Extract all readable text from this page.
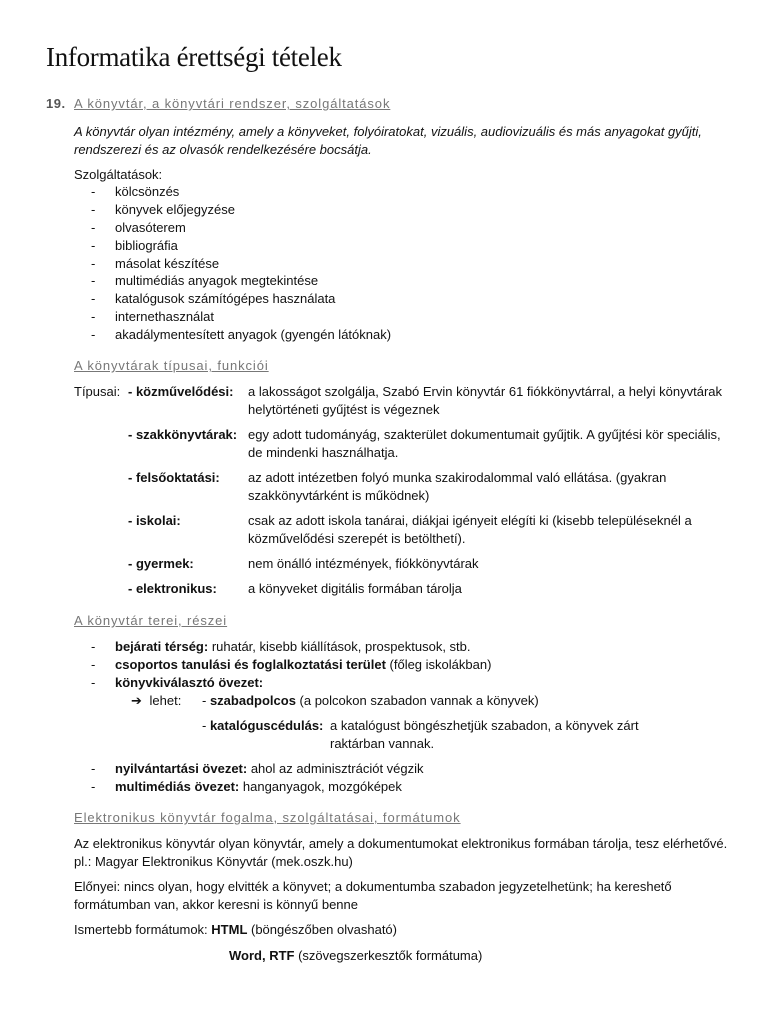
Informatika érettségi tételek
19. A könyvtár, a könyvtári rendszer, szolgáltatások
A könyvtár olyan intézmény, amely a könyveket, folyóiratokat, vizuális, audiovizuális és más anyagokat gyűjti, rendszerezi és az olvasók rendelkezésére bocsátja.
Szolgáltatások:
- kölcsönzés
- könyvek előjegyzése
- olvasóterem
- bibliográfia
- másolat készítése
- multimédiás anyagok megtekintése
- katalógusok számítógépes használata
- internethasználat
- akadálymentesített anyagok (gyengén látóknak)
A könyvtárak típusai, funkciói
Típusai: - közművelődési: a lakosságot szolgálja, Szabó Ervin könyvtár 61 fiókkönyvtárral, a helyi könyvtárak helytörténeti gyűjtést is végeznek
- szakkönyvtárak: egy adott tudományág, szakterület dokumentumait gyűjtik. A gyűjtési kör speciális, de mindenki használhatja.
- felsőoktatási: az adott intézetben folyó munka szakirodalommal való ellátása. (gyakran szakkönyvtárként is működnek)
- iskolai:	csak az adott iskola tanárai, diákjai igényeit elégíti ki (kisebb településeknél a közművelődési szerepét is betölthetí).
- gyermek:	nem önálló intézmények, fiókkönyvtárak
- elektronikus: a könyveket digitális formában tárolja
A könyvtár terei, részei
- bejárati térség: ruhatár, kisebb kiállítások, prospektusok, stb.
- csoportos tanulási és foglalkoztatási terület (főleg iskolákban)
- könyvkiválasztó övezet:
➔ lehet: - szabadpolcos (a polcokon szabadon vannak a könyvek)
- katalóguscédulás: a katalógust böngészhetjük szabadon, a könyvek zárt raktárban vannak.
- nyilvántartási övezet: ahol az adminisztrációt végzik
- multimédiás övezet: hanganyagok, mozgóképek
Elektronikus könyvtár fogalma, szolgáltatásai, formátumok
Az elektronikus könyvtár olyan könyvtár, amely a dokumentumokat elektronikus formában tárolja, tesz elérhetővé. pl.: Magyar Elektronikus Könyvtár (mek.oszk.hu)
Előnyei: nincs olyan, hogy elvitték a könyvet; a dokumentumba szabadon jegyzetelhetünk; ha kereshető formátumban van, akkor keresni is könnyű benne
Ismertebb formátumok: HTML (böngészőben olvasható)
Word, RTF (szövegszerkesztők formátuma)
